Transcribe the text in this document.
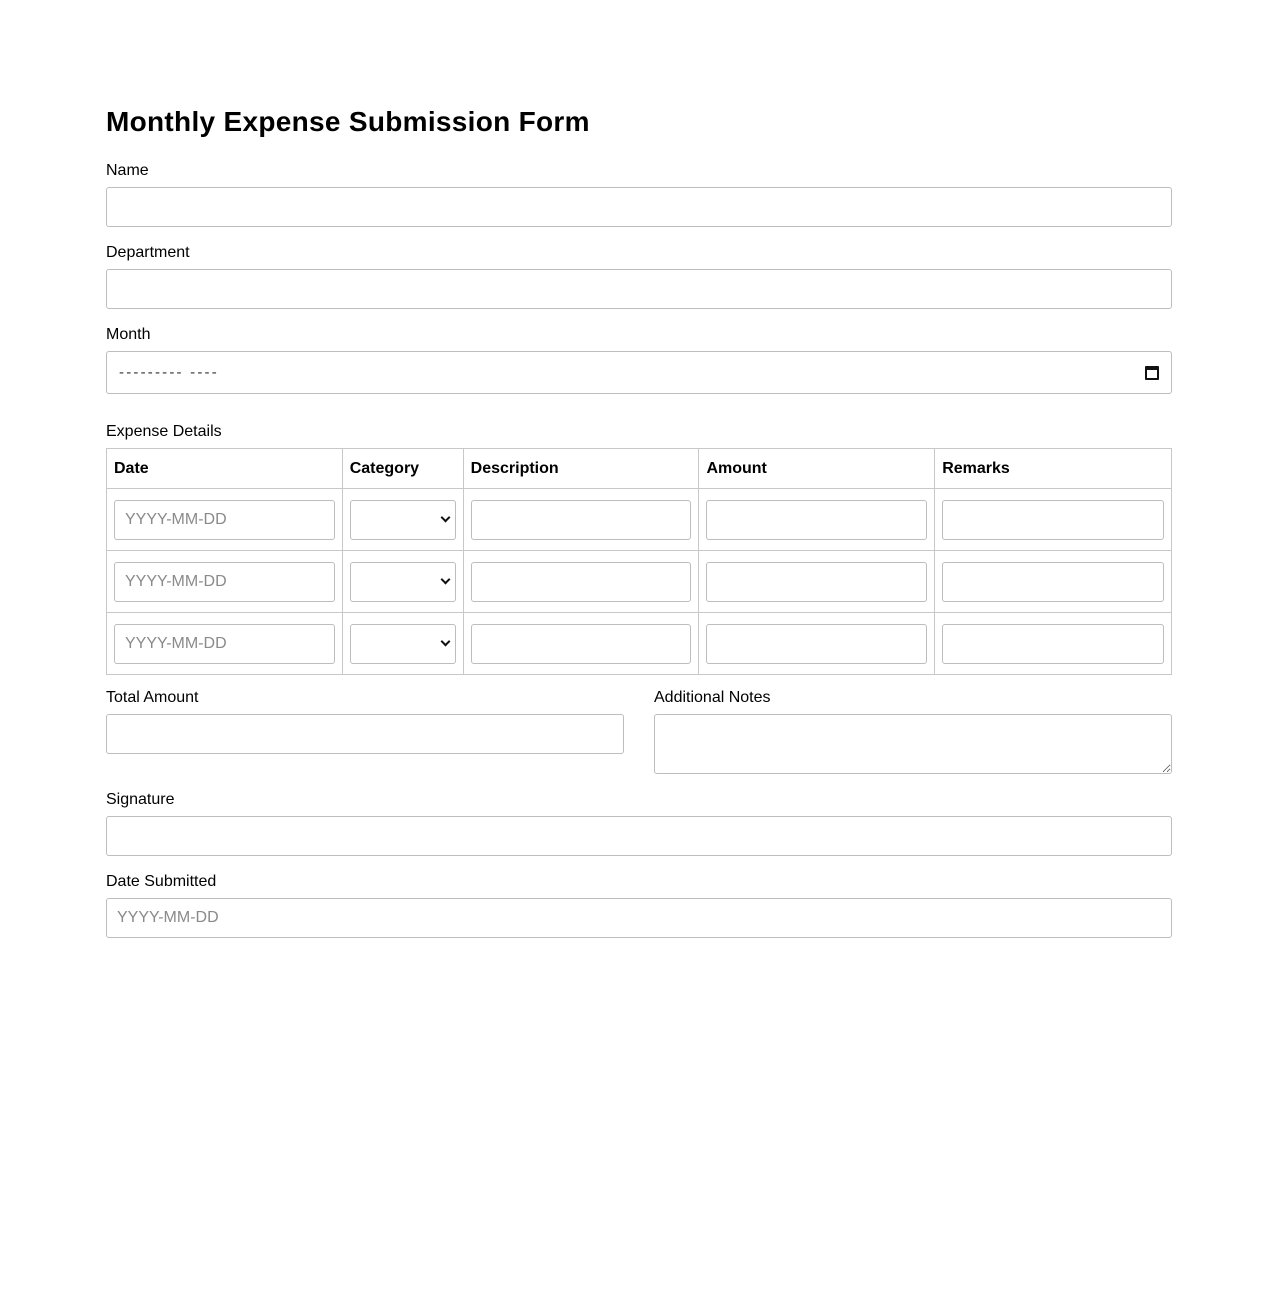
Monthly Expense Submission Form
Name
Department
Month
--------- ----
Expense Details
Date	Category	Description	Amount	Remarks
YYYY-MM-DD	

YYYY-MM-DD	

YYYY-MM-DD	

Total Amount	Additional Notes
Signature
Date Submitted
YYYY-MM-DD
